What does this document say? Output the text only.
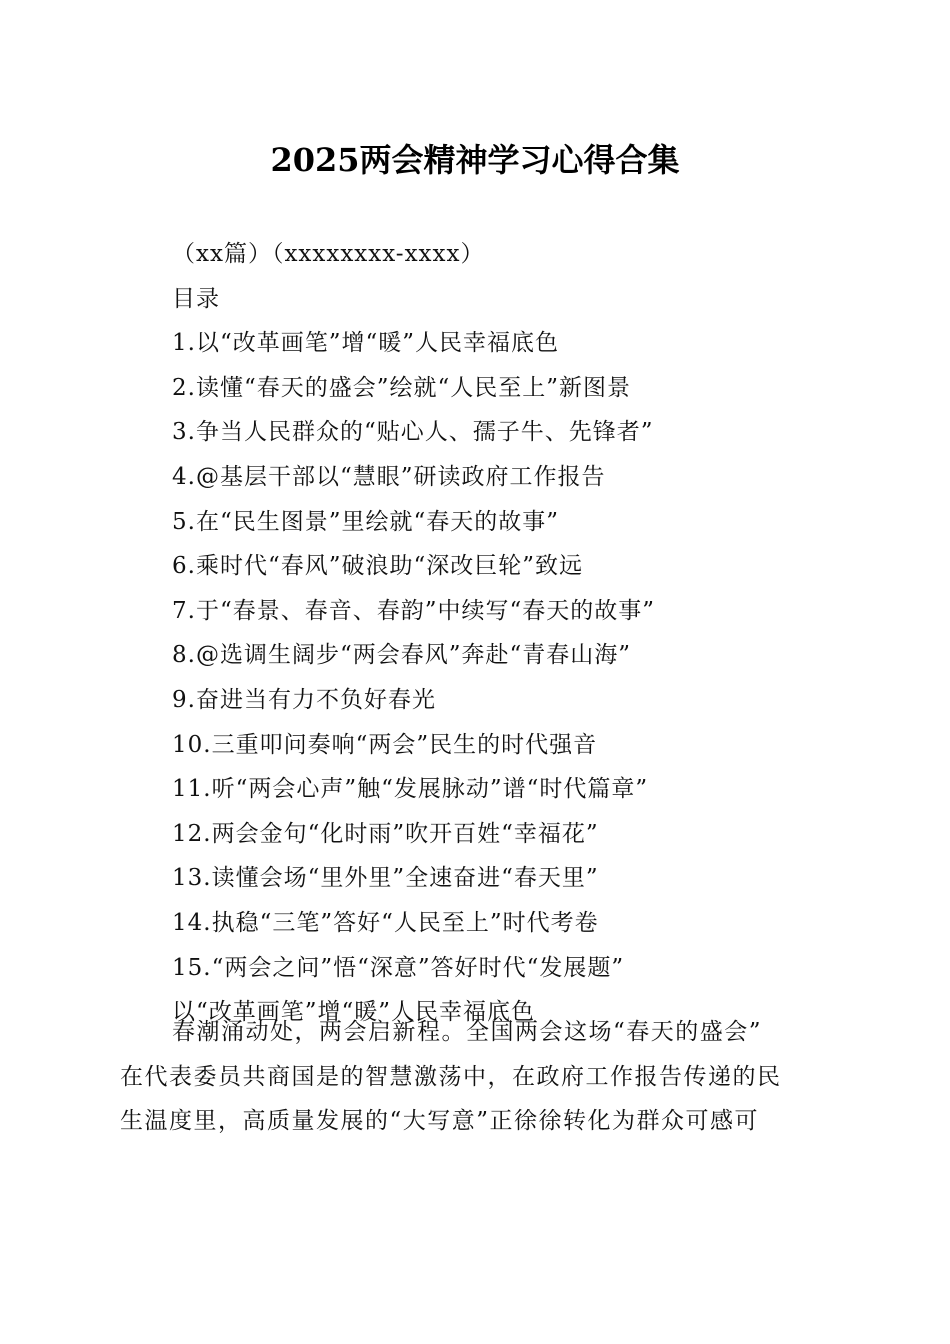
2025两会精神学习心得合集
（xx篇）（xxxxxxxx-xxxx）
目录
1.以“改革画笔”增“暖”人民幸福底色
2.读懂“春天的盛会”绘就“人民至上”新图景
3.争当人民群众的“贴心人、孺子牛、先锋者”
4.@基层干部以“慧眼”研读政府工作报告
5.在“民生图景”里绘就“春天的故事”
6.乘时代“春风”破浪助“深改巨轮”致远
7.于“春景、春音、春韵”中续写“春天的故事”
8.@选调生阔步“两会春风”奔赴“青春山海”
9.奋进当有力不负好春光
10.三重叩问奏响“两会”民生的时代强音
11.听“两会心声”触“发展脉动”谱“时代篇章”
12.两会金句“化时雨”吹开百姓“幸福花”
13.读懂会场“里外里”全速奋进“春天里”
14.执稳“三笔”答好“人民至上”时代考卷
15.“两会之问”悟“深意”答好时代“发展题”
以“改革画笔”增“暖”人民幸福底色
春潮涌动处，两会启新程。全国两会这场“春天的盛会”
在代表委员共商国是的智慧激荡中，在政府工作报告传递的民
生温度里，高质量发展的“大写意”正徐徐转化为群众可感可
